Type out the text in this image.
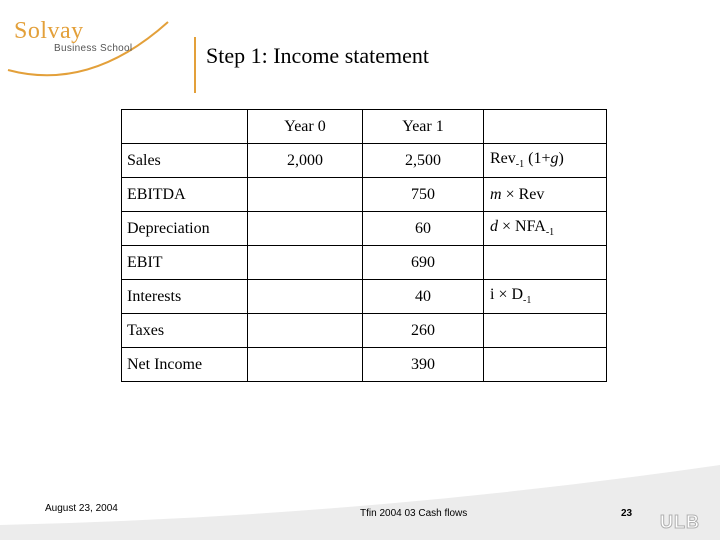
Solvay
Business School	Step 1: Income statement
	Year 0	Year 1	
Sales	2,000	2,500	Rev$_{-1}$ (1+g)
EBITDA		750	m × Rev
Depreciation		60	$d \times NFA_{-1}$
EBIT		690	
Interests		40	$i \times D_{-1}$
Taxes		260	
Net Income		390	
August 23, 2004	Tfin 2004 03 Cash flows	23 ULB
